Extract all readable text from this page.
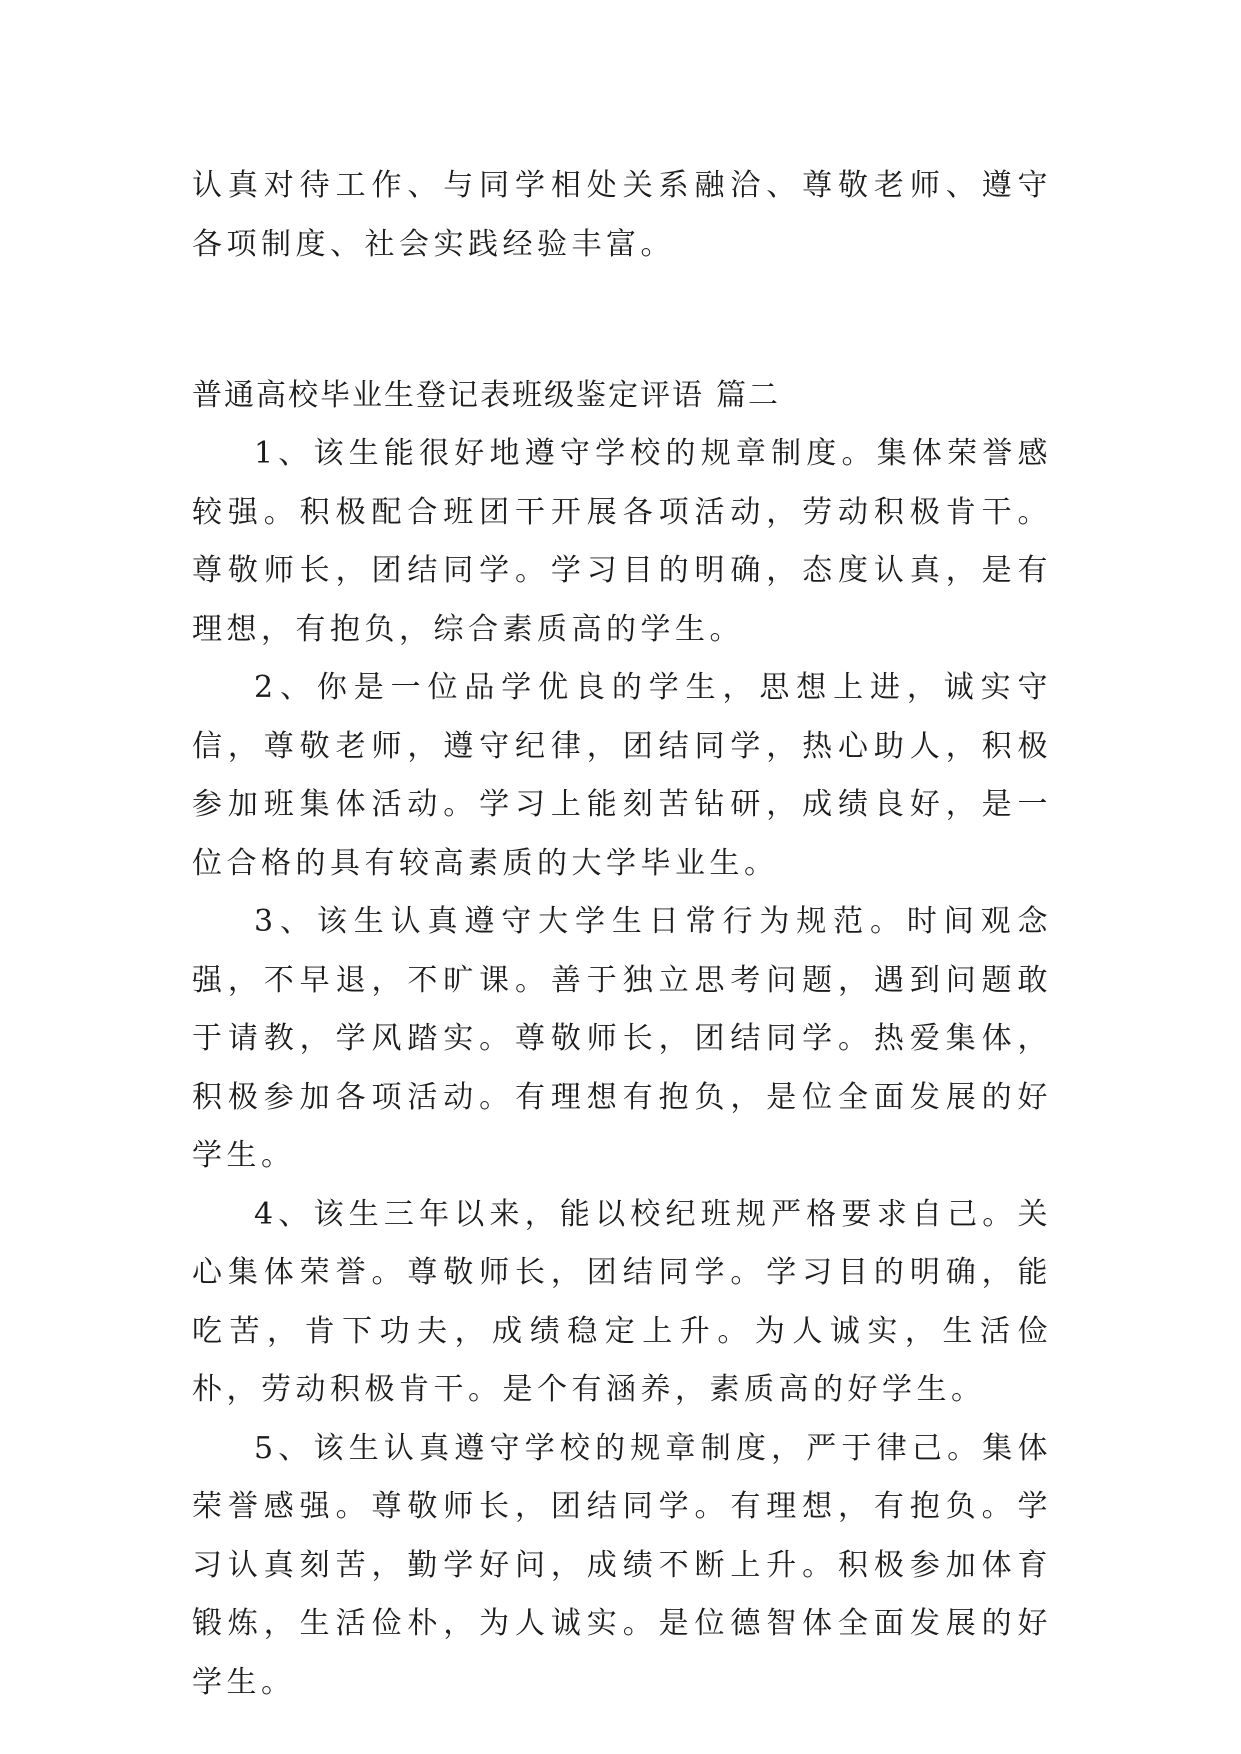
认真对待工作、与同学相处关系融洽、尊敬老师、遵守各项制度、社会实践经验丰富。

普通高校毕业生登记表班级鉴定评语 篇二

1、该生能很好地遵守学校的规章制度。集体荣誉感较强。积极配合班团干开展各项活动，劳动积极肯干。尊敬师长，团结同学。学习目的明确，态度认真，是有理想，有抱负，综合素质高的学生。

2、你是一位品学优良的学生，思想上进，诚实守信，尊敬老师，遵守纪律，团结同学，热心助人，积极参加班集体活动。学习上能刻苦钻研，成绩良好，是一位合格的具有较高素质的大学毕业生。

3、该生认真遵守大学生日常行为规范。时间观念强，不早退，不旷课。善于独立思考问题，遇到问题敢于请教，学风踏实。尊敬师长，团结同学。热爱集体，积极参加各项活动。有理想有抱负，是位全面发展的好学生。

4、该生三年以来，能以校纪班规严格要求自己。关心集体荣誉。尊敬师长，团结同学。学习目的明确，能吃苦，肯下功夫，成绩稳定上升。为人诚实，生活俭朴，劳动积极肯干。是个有涵养，素质高的好学生。

5、该生认真遵守学校的规章制度，严于律己。集体荣誉感强。尊敬师长，团结同学。有理想，有抱负。学习认真刻苦，勤学好问，成绩不断上升。积极参加体育锻炼，生活俭朴，为人诚实。是位德智体全面发展的好学生。
